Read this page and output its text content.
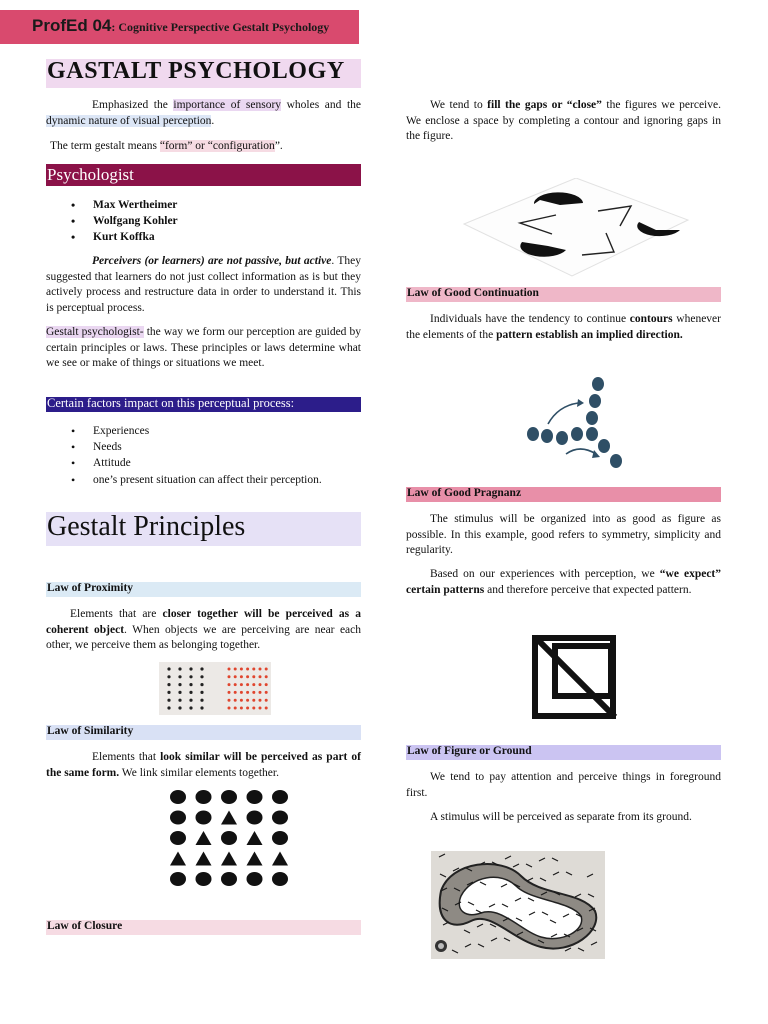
ProfEd 04: Cognitive Perspective Gestalt Psychology
GASTALT PSYCHOLOGY
Emphasized the importance of sensory wholes and the dynamic nature of visual perception.
The term gestalt means “form” or “configuration”.
Psychologist
• Max Wertheimer
• Wolfgang Kohler
• Kurt Koffka
Perceivers (or learners) are not passive, but active. They suggested that learners do not just collect information as is but they actively process and restructure data in order to understand it. This is perceptual process.
Gestalt psychologist- the way we form our perception are guided by certain principles or laws. These principles or laws determine what we see or make of things or situations we meet.
Certain factors impact on this perceptual process:
• Experiences
• Needs
• Attitude
• one’s present situation can affect their perception.
Gestalt Principles
Law of Proximity
Elements that are closer together will be perceived as a coherent object. When objects we are perceiving are near each other, we perceive them as belonging together.
Law of Similarity
Elements that look similar will be perceived as part of the same form. We link similar elements together.
Law of Closure
We tend to fill the gaps or “close” the figures we perceive. We enclose a space by completing a contour and ignoring gaps in the figure.
Law of Good Continuation
Individuals have the tendency to continue contours whenever the elements of the pattern establish an implied direction.
Law of Good Pragnanz
The stimulus will be organized into as good as figure as possible. In this example, good refers to symmetry, simplicity and regularity.
Based on our experiences with perception, we “we expect” certain patterns and therefore perceive that expected pattern.
Law of Figure or Ground
We tend to pay attention and perceive things in foreground first.
A stimulus will be perceived as separate from its ground.
